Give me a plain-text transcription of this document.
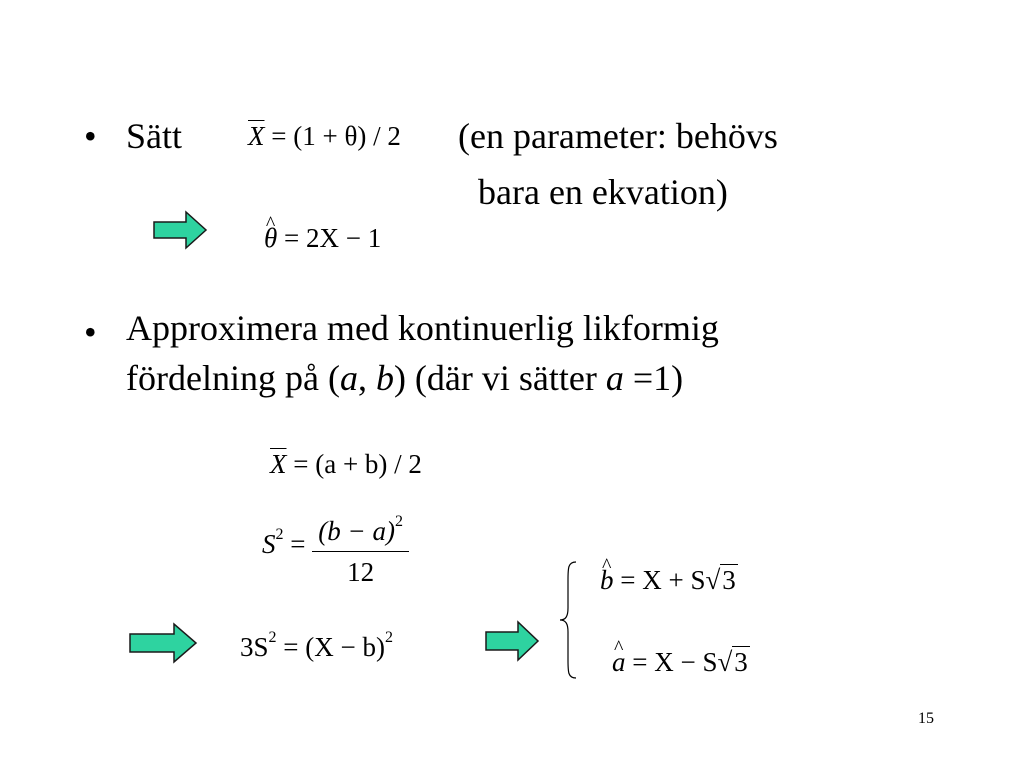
• Sätt $\overline{X} = (1 + \theta) / 2$ (en parameter: behövs
bara en ekvation)
^ θ = 2X − 1
• Approximera med kontinuerlig likformig
fördelning på (a, b) (där vi sätter a =1)
$\overline{X} = (a + b) / 2$
$S^2 = \frac{(b - a)^2}{12}$
$3S^2 = (X - b)^2$
^ b = X + S√3
^ a = X − S√3
15
